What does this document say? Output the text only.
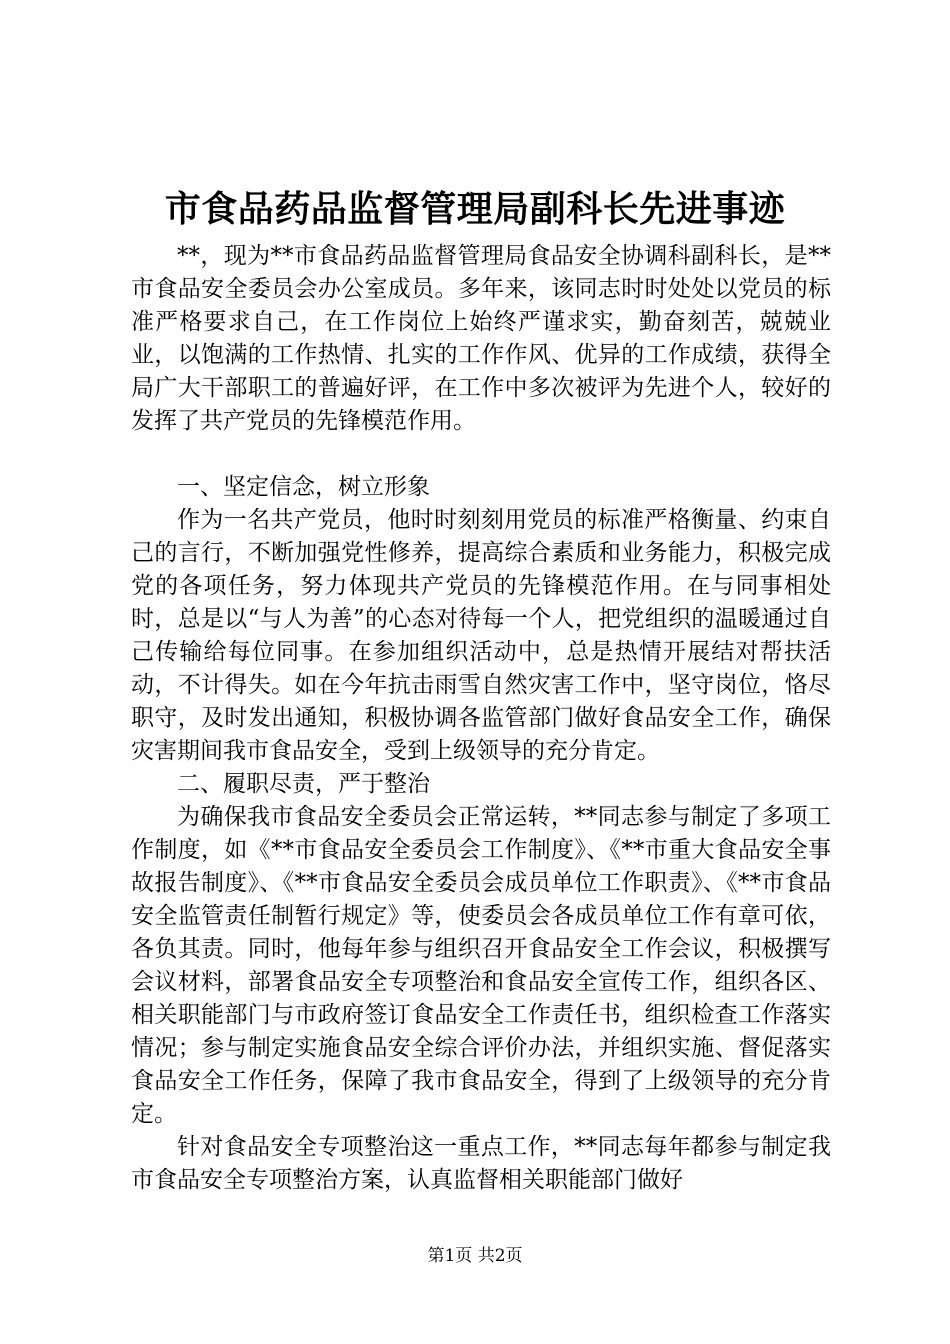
市食品药品监督管理局副科长先进事迹

**，现为**市食品药品监督管理局食品安全协调科副科长，是**市食品安全委员会办公室成员。多年来，该同志时时处处以党员的标准严格要求自己，在工作岗位上始终严谨求实，勤奋刻苦，兢兢业业，以饱满的工作热情、扎实的工作作风、优异的工作成绩，获得全局广大干部职工的普遍好评，在工作中多次被评为先进个人，较好的发挥了共产党员的先锋模范作用。

一、坚定信念，树立形象

作为一名共产党员，他时时刻刻用党员的标准严格衡量、约束自己的言行，不断加强党性修养，提高综合素质和业务能力，积极完成党的各项任务，努力体现共产党员的先锋模范作用。在与同事相处时，总是以“与人为善”的心态对待每一个人，把党组织的温暖通过自己传输给每位同事。在参加组织活动中，总是热情开展结对帮扶活动，不计得失。如在今年抗击雨雪自然灾害工作中，坚守岗位，恪尽职守，及时发出通知，积极协调各监管部门做好食品安全工作，确保灾害期间我市食品安全，受到上级领导的充分肯定。

二、履职尽责，严于整治

为确保我市食品安全委员会正常运转，**同志参与制定了多项工作制度，如《**市食品安全委员会工作制度》、《**市重大食品安全事故报告制度》、《**市食品安全委员会成员单位工作职责》、《**市食品安全监管责任制暂行规定》等，使委员会各成员单位工作有章可依，各负其责。同时，他每年参与组织召开食品安全工作会议，积极撰写会议材料，部署食品安全专项整治和食品安全宣传工作，组织各区、相关职能部门与市政府签订食品安全工作责任书，组织检查工作落实情况；参与制定实施食品安全综合评价办法，并组织实施、督促落实食品安全工作任务，保障了我市食品安全，得到了上级领导的充分肯定。

针对食品安全专项整治这一重点工作，**同志每年都参与制定我市食品安全专项整治方案，认真监督相关职能部门做好

第1页 共2页
